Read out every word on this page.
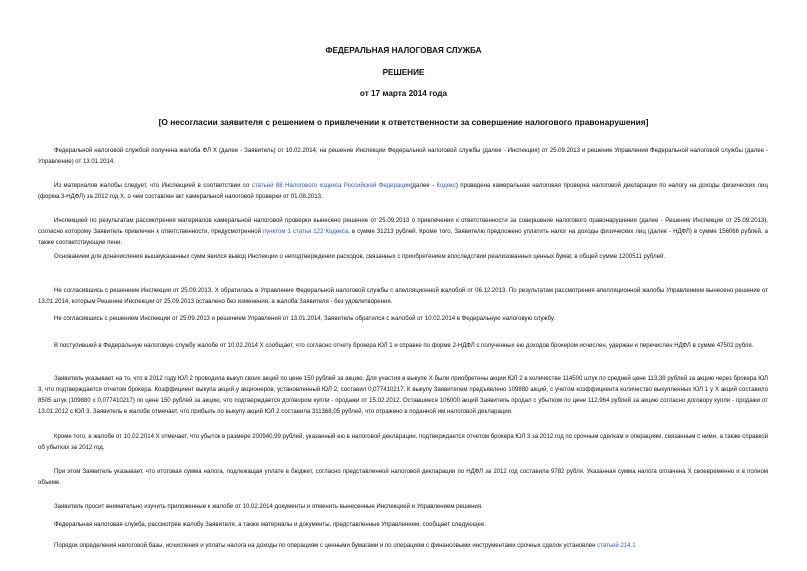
ФЕДЕРАЛЬНАЯ НАЛОГОВАЯ СЛУЖБА
РЕШЕНИЕ
от 17 марта 2014 года
[О несогласии заявителя с решением о привлечении к ответственности за совершение налогового правонарушения]

Федеральной налоговой службой получена жалоба ФЛ Х (далее - Заявитель) от 10.02.2014, на решение Инспекции Федеральной налоговой службы (далее - Инспекция) от 25.09.2013 и решение Управления Федеральной налоговой службы (далее - Управление) от 13.01.2014.

Из материалов жалобы следует, что Инспекцией в соответствии со статьей 88 Налогового кодекса Российской Федерации(далее - Кодекс) проведена камеральная налоговая проверка налоговой декларации по налогу на доходы физических лиц (форма 3-НДФЛ) за 2012 год Х, о чем составлен акт камеральной налоговой проверки от 01.08.2013.

Инспекцией по результатам рассмотрения материалов камеральной налоговой проверки вынесено решение от 25.09.2013 о привлечении к ответственности за совершение налогового правонарушения (далее - Решение Инспекции от 25.09.2013), согласно которому Заявитель привлечен к ответственности, предусмотренной пунктом 1 статьи 122 Кодекса, в сумме 31213 рублей. Кроме того, Заявителю предложено уплатить налог на доходы физических лиц (далее - НДФЛ) в сумме 156066 рублей, а также соответствующие пени.

Основанием для доначисления вышеуказанных сумм явился вывод Инспекции о неподтверждении расходов, связанных с приобретением впоследствии реализованных ценных бумаг, в общей сумме 1200511 рублей.

Не согласившись с решением Инспекции от 25.09.2013, Х обратилась в Управление Федеральной налоговой службы с апелляционной жалобой от 06.12.2013. По результатам рассмотрения апелляционной жалобы Управлением вынесено решение от 13.01.2014, которым Решение Инспекции от 25.09.2013 оставлено без изменения, а жалоба Заявителя - без удовлетворения.

Не согласившись с решением Инспекции от 25.09.2013 и решением Управления от 13.01.2014, Заявитель обратился с жалобой от 10.02.2014 в Федеральную налоговую службу.

В поступившей в Федеральную налоговую службу жалобе от 10.02.2014 Х сообщает, что согласно отчету брокера ЮЛ 1 и справке по форме 2-НДФЛ с полученных ею доходов брокером исчислен, удержан и перечислен НДФЛ в сумме 47502 рубля.

Заявитель указывает на то, что в 2012 году ЮЛ 2 проводила выкуп своих акций по цене 150 рублей за акцию. Для участия в выкупе Х были приобретены акции ЮЛ 2 в количестве 114500 штук по средней цене 113,39 рублей за акцию через брокера ЮЛ 3, что подтверждается отчетом брокера. Коэффициент выкупа акций у акционеров, установленный ЮЛ 2, составил 0,077410217. К выкупу Заявителем предъявлено 109880 акций, с учетом коэффициента количество выкупленных ЮЛ 1 у Х акций составило 8505 штук (109880 х 0,077410217) по цене 150 рублей за акцию, что подтверждается договором купли - продажи от 15.02.2012. Оставшиеся 106000 акций Заявитель продал с убытком по цене 112,964 рублей за акцию согласно договору купли - продажи от 13.01.2012 с ЮЛ 3. Заявитель в жалобе отмечает, что прибыль по выкупу акций ЮЛ 2 составила 311368,05 рублей, что отражено в поданной им налоговой декларации.

Кроме того, в жалобе от 10.02.2014 Х отмечает, что убыток в размере 200940,99 рублей, указанный ею в налоговой декларации, подтверждается отчетом брокера ЮЛ 3 за 2012 год по срочным сделкам и операциям, связанным с ними, а также справкой об убытках за 2012 год.

При этом Заявитель указывает, что итоговая сумма налога, подлежащая уплате в бюджет, согласно представленной налоговой декларации по НДФЛ за 2012 год составила 9782 рубля. Указанная сумма налога оплачена Х своевременно и в полном объеме.

Заявитель просит внимательно изучить приложенные к жалобе от 10.02.2014 документы и отменить вынесенные Инспекцией и Управлением решения.

Федеральная налоговая служба, рассмотрев жалобу Заявителя, а также материалы и документы, представленные Управлением, сообщает следующее.

Порядок определения налоговой базы, исчисления и уплаты налога на доходы по операциям с ценными бумагами и по операциям с финансовыми инструментами срочных сделок установлен статьей 214.1
